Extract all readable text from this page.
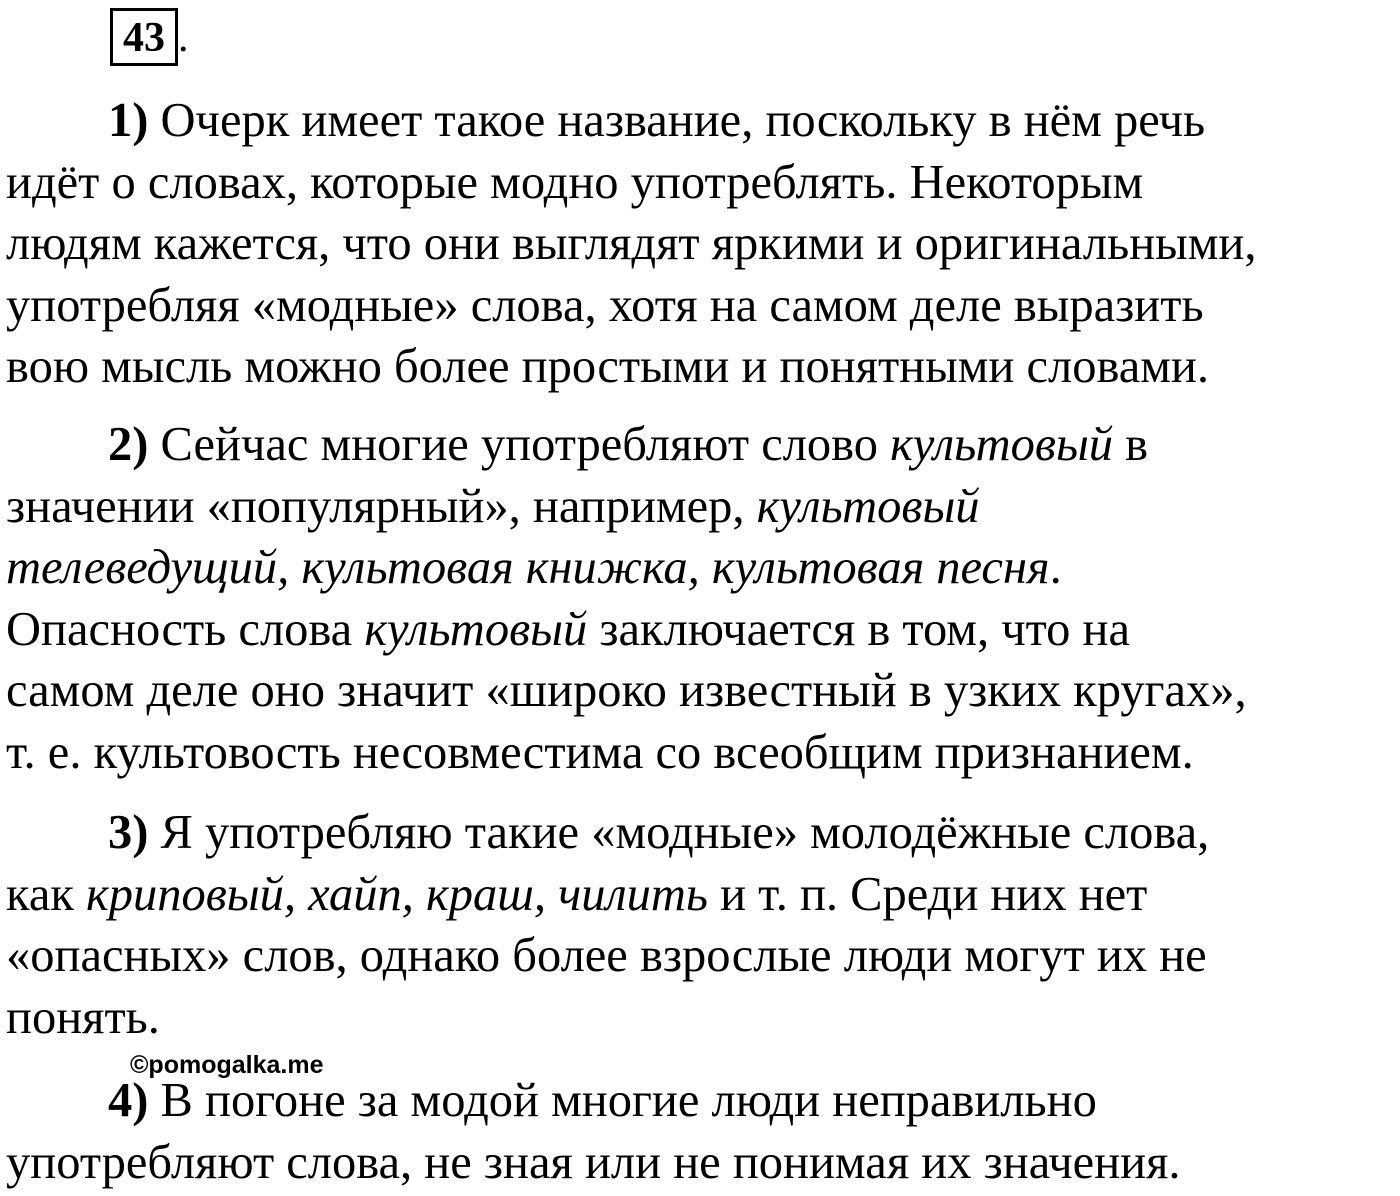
43 .
1) Очерк имеет такое название, поскольку в нём речь
идёт о словах, которые модно употреблять. Некоторым
людям кажется, что они выглядят яркими и оригинальными,
употребляя «модные» слова, хотя на самом деле выразить
вою мысль можно более простыми и понятными словами.
2) Сейчас многие употребляют слово культовый в
значении «популярный», например, культовый
телеведущий, культовая книжка, культовая песня.
Опасность слова культовый заключается в том, что на
самом деле оно значит «широко известный в узких кругах»,
т. е. культовость несовместима со всеобщим признанием.
3) Я употребляю такие «модные» молодёжные слова,
как криповый, хайп, краш, чилить и т. п. Среди них нет
«опасных» слов, однако более взрослые люди могут их не
понять.
4) В погоне за модой многие люди неправильно
употребляют слова, не зная или не понимая их значения.
©pomogalka.me
